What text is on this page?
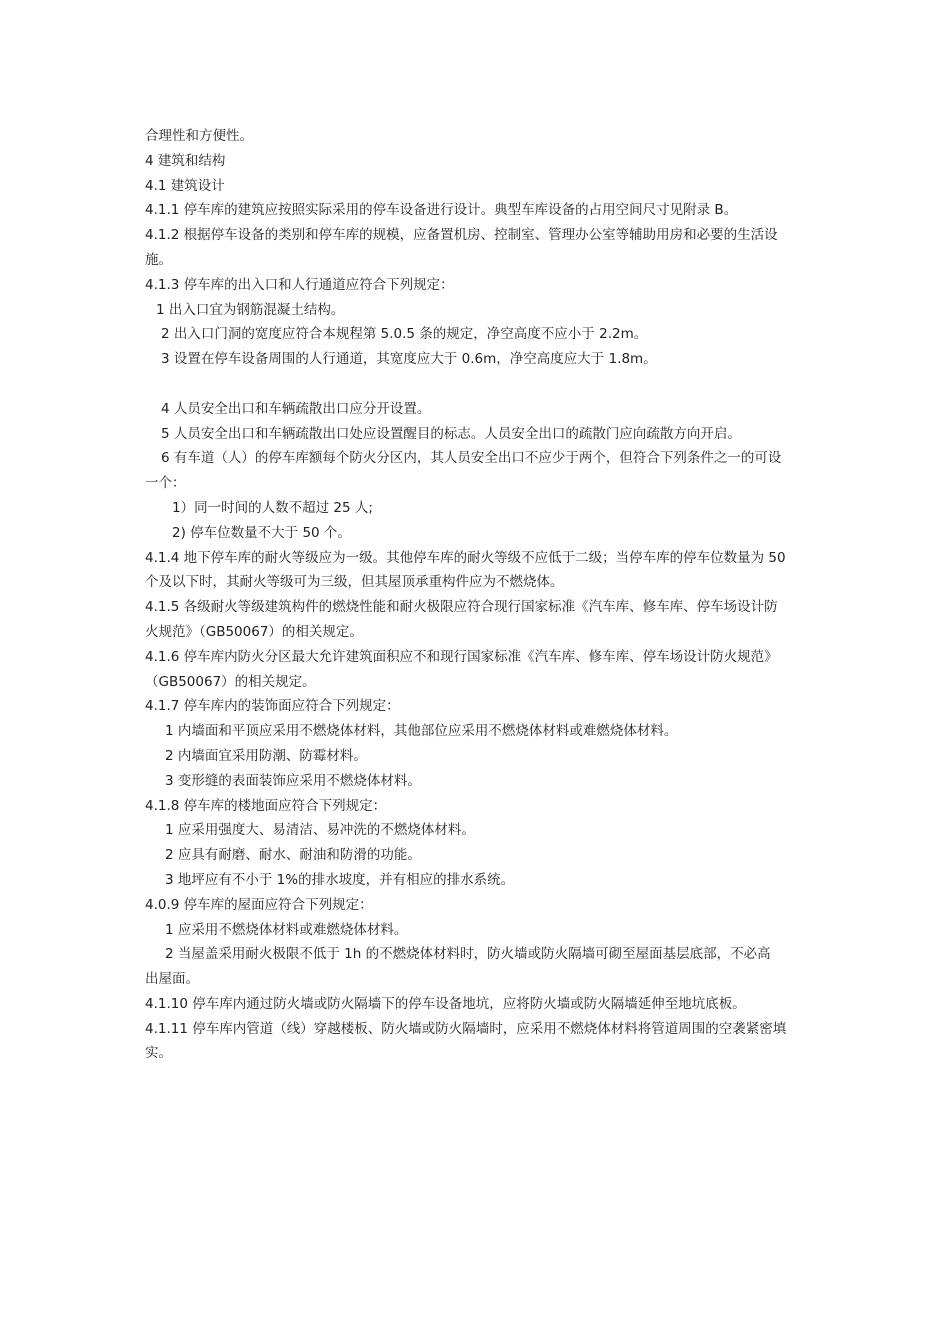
合理性和方便性。
4 建筑和结构
4.1 建筑设计
4.1.1 停车库的建筑应按照实际采用的停车设备进行设计。典型车库设备的占用空间尺寸见附录 B。
4.1.2 根据停车设备的类别和停车库的规模，应备置机房、控制室、管理办公室等辅助用房和必要的生活设
施。
4.1.3 停车库的出入口和人行通道应符合下列规定：
1 出入口宜为钢筋混凝土结构。
2 出入口门洞的宽度应符合本规程第 5.0.5 条的规定，净空高度不应小于 2.2m。
3 设置在停车设备周围的人行通道，其宽度应大于 0.6m，净空高度应大于 1.8m。
4 人员安全出口和车辆疏散出口应分开设置。
5 人员安全出口和车辆疏散出口处应设置醒目的标志。人员安全出口的疏散门应向疏散方向开启。
6 有车道（人）的停车库额每个防火分区内，其人员安全出口不应少于两个，但符合下列条件之一的可设
一个：
1）同一时间的人数不超过 25 人;
2) 停车位数量不大于 50 个。
4.1.4 地下停车库的耐火等级应为一级。其他停车库的耐火等级不应低于二级；当停车库的停车位数量为 50
个及以下时，其耐火等级可为三级，但其屋顶承重构件应为不燃烧体。
4.1.5 各级耐火等级建筑构件的燃烧性能和耐火极限应符合现行国家标准《汽车库、修车库、停车场设计防
火规范》（GB50067）的相关规定。
4.1.6 停车库内防火分区最大允许建筑面积应不和现行国家标准《汽车库、修车库、停车场设计防火规范》
（GB50067）的相关规定。
4.1.7 停车库内的装饰面应符合下列规定：
1 内墙面和平顶应采用不燃烧体材料，其他部位应采用不燃烧体材料或难燃烧体材料。
2 内墙面宜采用防潮、防霉材料。
3 变形缝的表面装饰应采用不燃烧体材料。
4.1.8 停车库的楼地面应符合下列规定：
1 应采用强度大、易清洁、易冲洗的不燃烧体材料。
2 应具有耐磨、耐水、耐油和防滑的功能。
3 地坪应有不小于 1%的排水坡度，并有相应的排水系统。
4.0.9 停车库的屋面应符合下列规定：
1 应采用不燃烧体材料或难燃烧体材料。
2 当屋盖采用耐火极限不低于 1h 的不燃烧体材料时，防火墙或防火隔墙可砌至屋面基层底部，不必高
出屋面。
4.1.10 停车库内通过防火墙或防火隔墙下的停车设备地坑，应将防火墙或防火隔墙延伸至地坑底板。
4.1.11 停车库内管道（线）穿越楼板、防火墙或防火隔墙时，应采用不燃烧体材料将管道周围的空袭紧密填
实。
